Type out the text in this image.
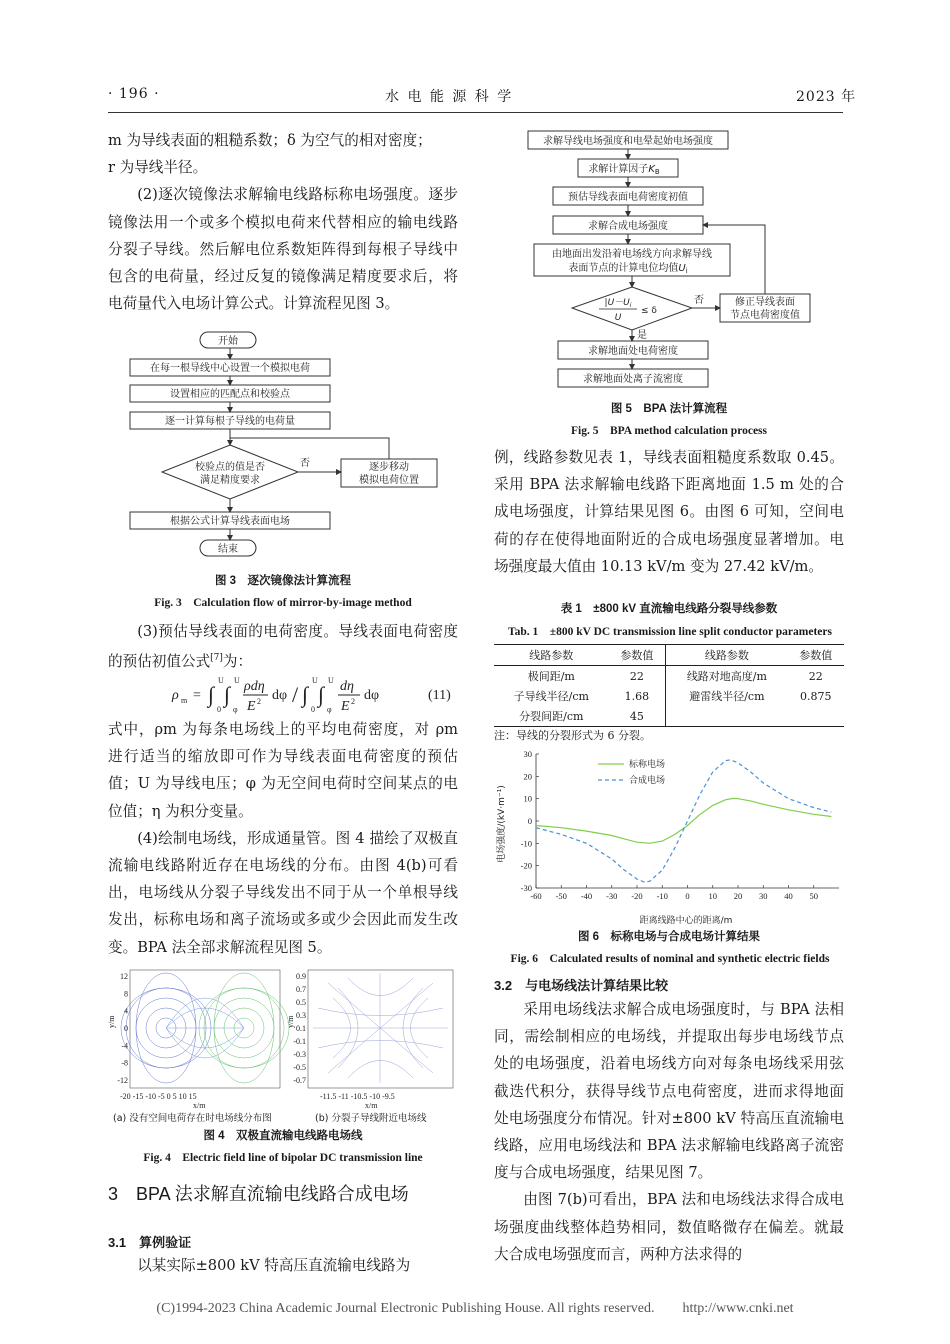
· 196 ·	水 电 能 源 科 学	2023 年

m 为导线表面的粗糙系数；δ 为空气的相对密度；

r 为导线半径。

(2)逐次镜像法求解输电线路标称电场强度。逐步镜像法用一个或多个模拟电荷来代替相应的输电线路分裂子导线。然后解电位系数矩阵得到每根子导线中包含的电荷量，经过反复的镜像满足精度要求后，将电荷量代入电场计算公式。计算流程见图 3。

开始
在每一根导线中心设置一个模拟电荷
设置相应的匹配点和校验点
逐一计算每根子导线的电荷量
校验点的值是否
满足精度要求
否	逐步移动
模拟电荷位置
根据公式计算导线表面电场
结束
图 3　逐次镜像法计算流程
Fig. 3　Calculation flow of mirror-by-image method

(3)预估导线表面的电荷密度。导线表面电荷密度的预估初值公式[7]为：

ρ m = ∫
U
0
∫
U
φ
ρdη
E 2 dφ / ∫
U
0
∫
U
φ
dη
E 2 dφ	(11)

式中，ρm 为每条电场线上的平均电荷密度，对 ρm 进行适当的缩放即可作为导线表面电荷密度的预估值；U 为导线电压；φ 为无空间电荷时空间某点的电位值；η 为积分变量。

(4)绘制电场线，形成通量管。图 4 描绘了双极直流输电线路附近存在电场线的分布。由图 4(b)可看出，电场线从分裂子导线发出不同于从一个单根导线发出，标称电场和离子流场或多或少会因此而发生改变。BPA 法全部求解流程见图 5。

y/m
x/m
-20 -15 -10 -5 0 5 10 15
y/m
x/m
-11.5 -11 -10.5 -10 -9.5
12
8
4
0
-4
-8
-12
0.9
0.7
0.5
0.3
0.1
-0.1
-0.3
-0.5
-0.7
(a) 没有空间电荷存在时电场线分布图	(b) 分裂子导线附近电场线
图 4　双极直流输电线路电场线
Fig. 4　Electric field line of bipolar DC transmission line
3　BPA 法求解直流输电线路合成电场
3.1　算例验证

以某实际±800 kV 特高压直流输电线路为

求解导线电场强度和电晕起始电场强度
求解计算因子$K_B$
预估导线表面电荷密度初值
求解合成电场强度
由地面出发沿着电场线方向求解导线
表面节点的计算电位均值$U_i$
$|U-U_i$
U
≤ δ
否
是
修正导线表面
节点电荷密度值
求解地面处电荷密度
求解地面处离子流密度
图 5　BPA 法计算流程
Fig. 5　BPA method calculation process

例，线路参数见表 1，导线表面粗糙度系数取 0.45。采用 BPA 法求解输电线路下距离地面 1.5 m 处的合成电场强度，计算结果见图 6。由图 6 可知，空间电荷的存在使得地面附近的合成电场强度显著增加。电场强度最大值由 10.13 kV/m 变为 27.42 kV/m。

表 1　±800 kV 直流输电线路分裂导线参数
Tab. 1　±800 kV DC transmission line split conductor parameters
线路参数	参数值	线路参数	参数值
极间距/m	22	线路对地高度/m	22
子导线半径/cm	1.68	避雷线半径/cm	0.875
分裂间距/cm	45		
注：导线的分裂形式为 6 分裂。
电场强度/(kV·m⁻¹)
距离线路中心的距离/m
-30
-20
-10
0
10
20
30
-60 -50 -40 -30 -20 -10 0 10 20 30 40 50
标称电场
合成电场
图 6　标称电场与合成电场计算结果
Fig. 6　Calculated results of nominal and synthetic electric fields
3.2　与电场线法计算结果比较

采用电场线法求解合成电场强度时，与 BPA 法相同，需绘制相应的电场线，并提取出每步电场线节点处的电场强度，沿着电场线方向对每条电场线采用弦截迭代积分，获得导线节点电荷密度，进而求得地面处电场强度分布情况。针对±800 kV 特高压直流输电线路，应用电场线法和 BPA 法求解输电线路离子流密度与合成电场强度，结果见图 7。

由图 7(b)可看出，BPA 法和电场线法求得合成电场强度曲线整体趋势相同，数值略微存在偏差。就最大合成电场强度而言，两种方法求得的

(C)1994-2023 China Academic Journal Electronic Publishing House. All rights reserved.　　http://www.cnki.net
